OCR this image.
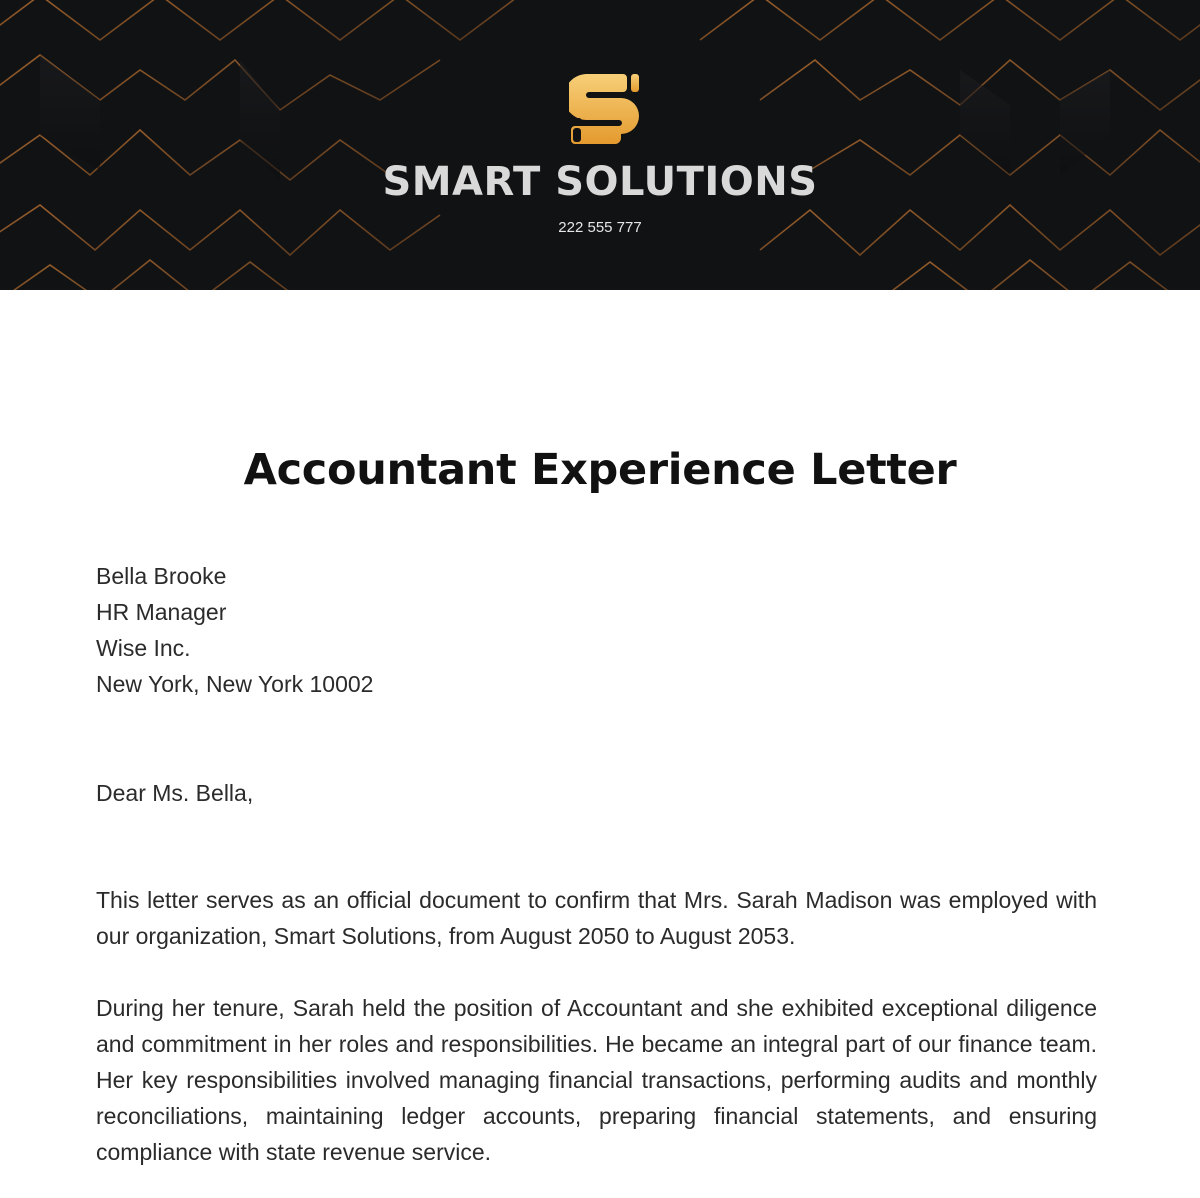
SMART SOLUTIONS
222 555 777
Accountant Experience Letter
Bella Brooke
HR Manager
Wise Inc.
New York, New York 10002
Dear Ms. Bella,

This letter serves as an official document to confirm that Mrs. Sarah Madison was employed with our organization, Smart Solutions, from August 2050 to August 2053.

During her tenure, Sarah held the position of Accountant and she exhibited exceptional diligence and commitment in her roles and responsibilities. He became an integral part of our finance team. Her key responsibilities involved managing financial transactions, performing audits and monthly reconciliations, maintaining ledger accounts, preparing financial statements, and ensuring compliance with state revenue service.
